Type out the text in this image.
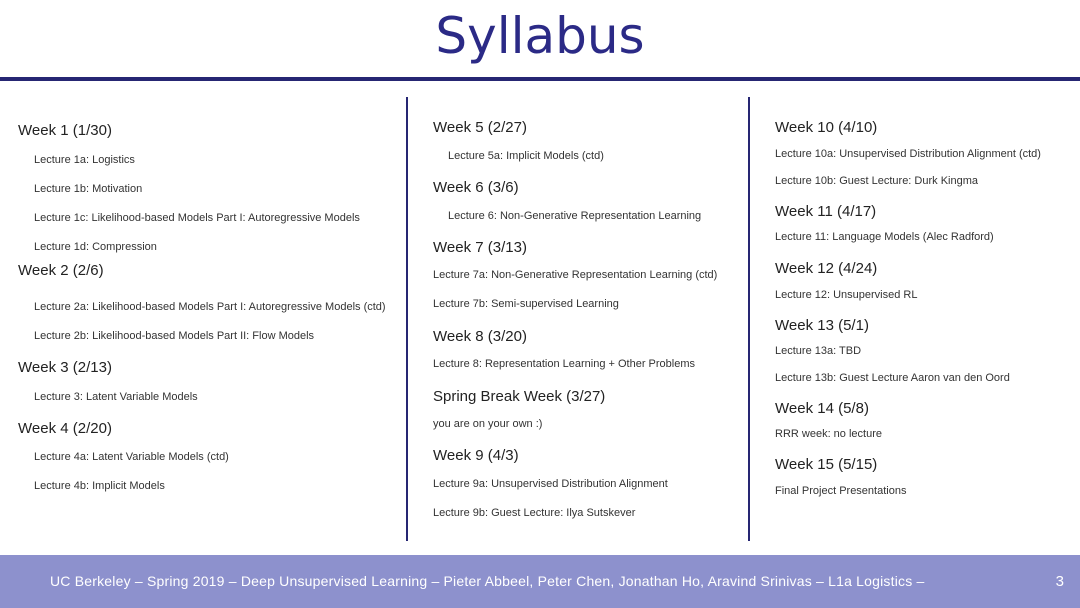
Syllabus
Week 1 (1/30)
Lecture 1a: Logistics
Lecture 1b: Motivation
Lecture 1c: Likelihood-based Models Part I: Autoregressive Models
Lecture 1d: Compression
Week 2 (2/6)
Lecture 2a: Likelihood-based Models Part I: Autoregressive Models (ctd)
Lecture 2b: Likelihood-based Models Part II: Flow Models
Week 3 (2/13)
Lecture 3: Latent Variable Models
Week 4 (2/20)
Lecture 4a: Latent Variable Models (ctd)
Lecture 4b: Implicit Models
Week 5 (2/27)
Lecture 5a: Implicit Models (ctd)
Week 6 (3/6)
Lecture 6: Non-Generative Representation Learning
Week 7 (3/13)
Lecture 7a: Non-Generative Representation Learning (ctd)
Lecture 7b: Semi-supervised Learning
Week 8 (3/20)
Lecture 8: Representation Learning + Other Problems
Spring Break Week (3/27)
you are on your own :)
Week 9 (4/3)
Lecture 9a: Unsupervised Distribution Alignment
Lecture 9b: Guest Lecture: Ilya Sutskever
Week 10 (4/10)
Lecture 10a: Unsupervised Distribution Alignment (ctd)
Lecture 10b: Guest Lecture: Durk Kingma
Week 11 (4/17)
Lecture 11: Language Models (Alec Radford)
Week 12 (4/24)
Lecture 12: Unsupervised RL
Week 13 (5/1)
Lecture 13a: TBD
Lecture 13b: Guest Lecture Aaron van den Oord
Week 14 (5/8)
RRR week: no lecture
Week 15 (5/15)
Final Project Presentations
UC Berkeley – Spring 2019 – Deep Unsupervised Learning – Pieter Abbeel, Peter Chen, Jonathan Ho, Aravind Srinivas – L1a Logistics –	3
